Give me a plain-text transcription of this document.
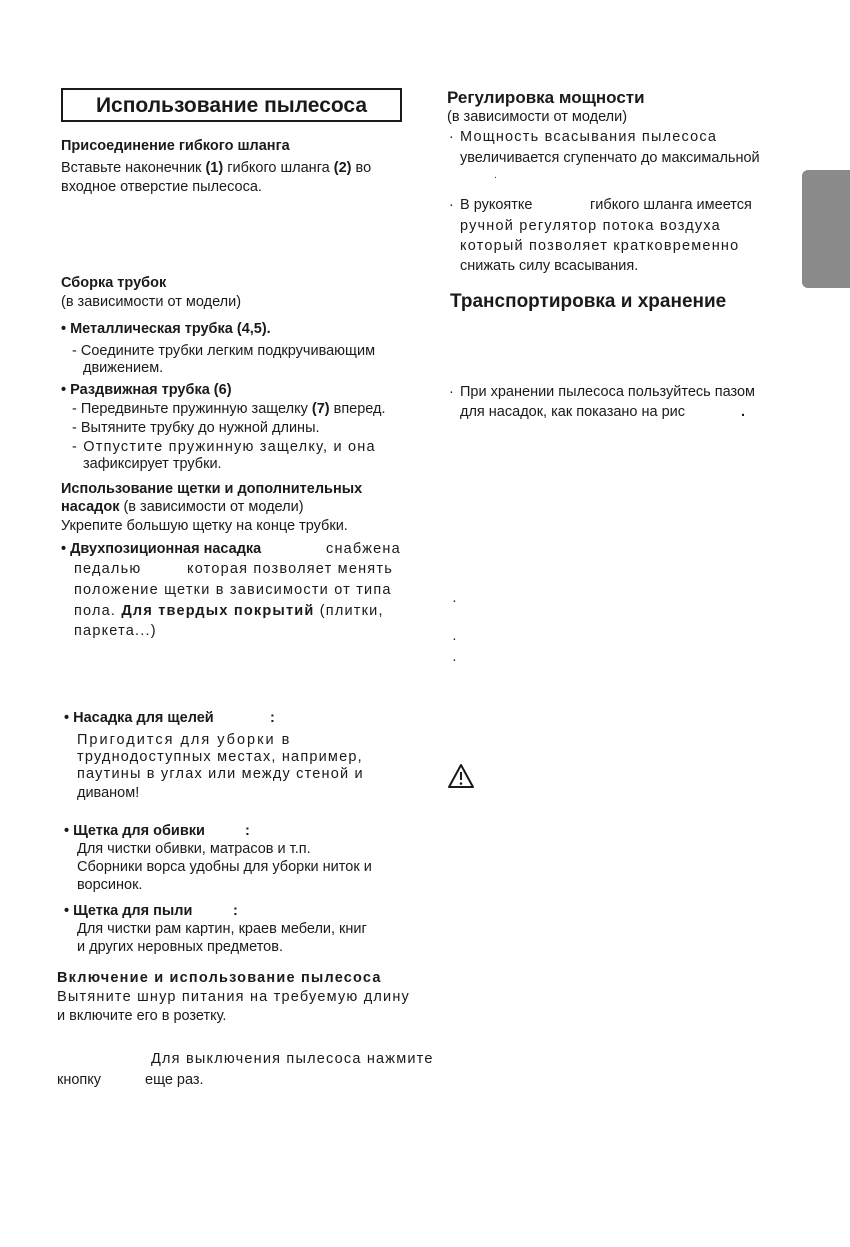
Использование пылесоса
Присоединение гибкого шланга
Вставьте наконечник (1) гибкого шланга (2) во
входное отверстие пылесоса.
Сборка трубок
(в зависимости от модели)
• Металлическая трубка (4,5).
- Соедините трубки легким подкручивающим
движением.
• Раздвижная трубка (6)
- Передвиньте пружинную защелку (7) вперед.
- Вытяните трубку до нужной длины.
- Отпустите пружинную защелку, и она
зафиксирует трубки.
Использование щетки и дополнительных
насадок (в зависимости от модели)
Укрепите большую щетку на конце трубки.
• Двухпозиционная насадка	снабжена
педалью	которая позволяет менять
положение щетки в зависимости от типа
пола. Для твердых покрытий (плитки,
паркета...)
• Насадка для щелей	:
Пригодится для уборки в
труднодоступных местах, например,
паутины в углах или между стеной и
диваном!
• Щетка для обивки	:
Для чистки обивки, матрасов и т.п.
Сборники ворса удобны для уборки ниток и
ворсинок.
• Щетка для пыли	:
Для чистки рам картин, краев мебели, книг
и других неровных предметов.
Включение и использование пылесоса
Вытяните шнур питания на требуемую длину
и включите его в розетку.
Для выключения пылесоса нажмите
кнопку	еще раз.
Регулировка мощности
(в зависимости от модели)
· Мощность всасывания пылесоса
увеличивается сгупенчато до максимальной
.
· В рукоятке	гибкого шланга имеется
ручной регулятор потока воздуха
который позволяет кратковременно
снижать силу всасывания.
Транспортировка и хранение
· При хранении пылесоса пользуйтесь пазом
для насадок, как показано на рис	.
·
·
·
